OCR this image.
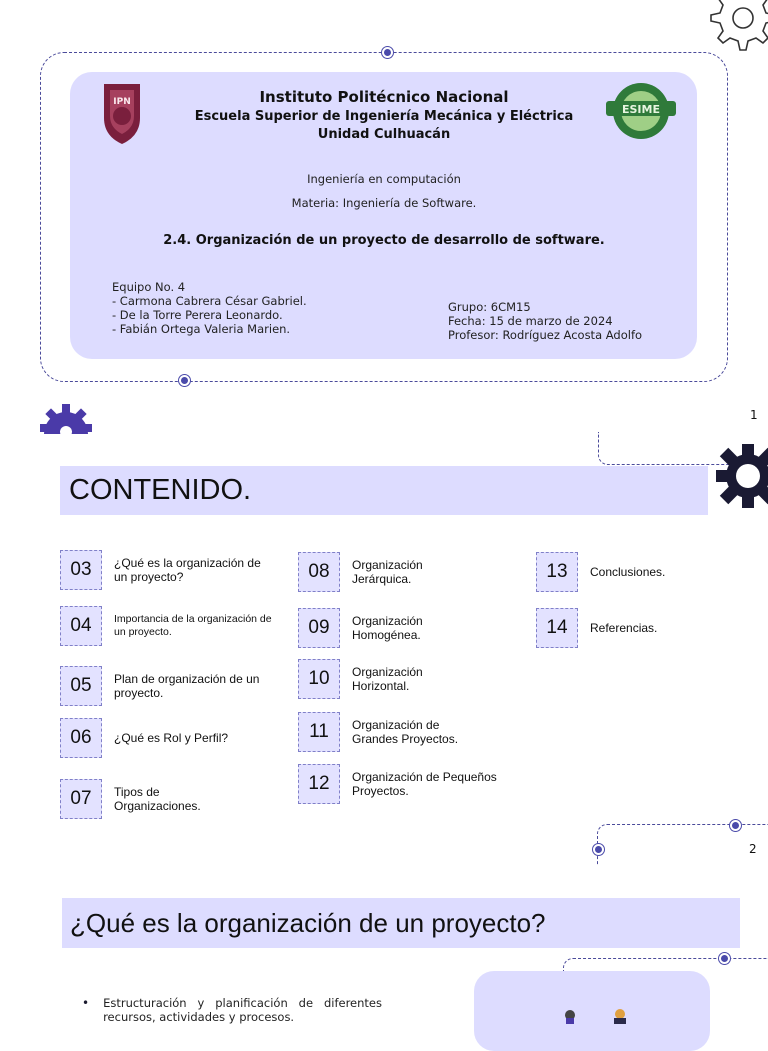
IPN
ESIME
Instituto Politécnico Nacional
Escuela Superior de Ingeniería Mecánica y Eléctrica
Unidad Culhuacán
Ingeniería en computación
Materia: Ingeniería de Software.
2.4. Organización de un proyecto de desarrollo de software.
Equipo No. 4
- Carmona Cabrera César Gabriel.
- De la Torre Perera Leonardo.
- Fabián Ortega Valeria Marien.
Grupo: 6CM15
Fecha: 15 de marzo de 2024
Profesor: Rodríguez Acosta Adolfo
1
CONTENIDO.
03	¿Qué es la organización de un proyecto?
04	Importancia de la organización de un proyecto.
05	Plan de organización de un proyecto.
06	¿Qué es Rol y Perfil?
07	Tipos de Organizaciones.
08	Organización Jerárquica.
09	Organización Homogénea.
10	Organización Horizontal.
11	Organización de Grandes Proyectos.
12	Organización de Pequeños Proyectos.
13	Conclusiones.
14	Referencias.
2
¿Qué es la organización de un proyecto?
• Estructuración y planificación de diferentes recursos, actividades y procesos.
